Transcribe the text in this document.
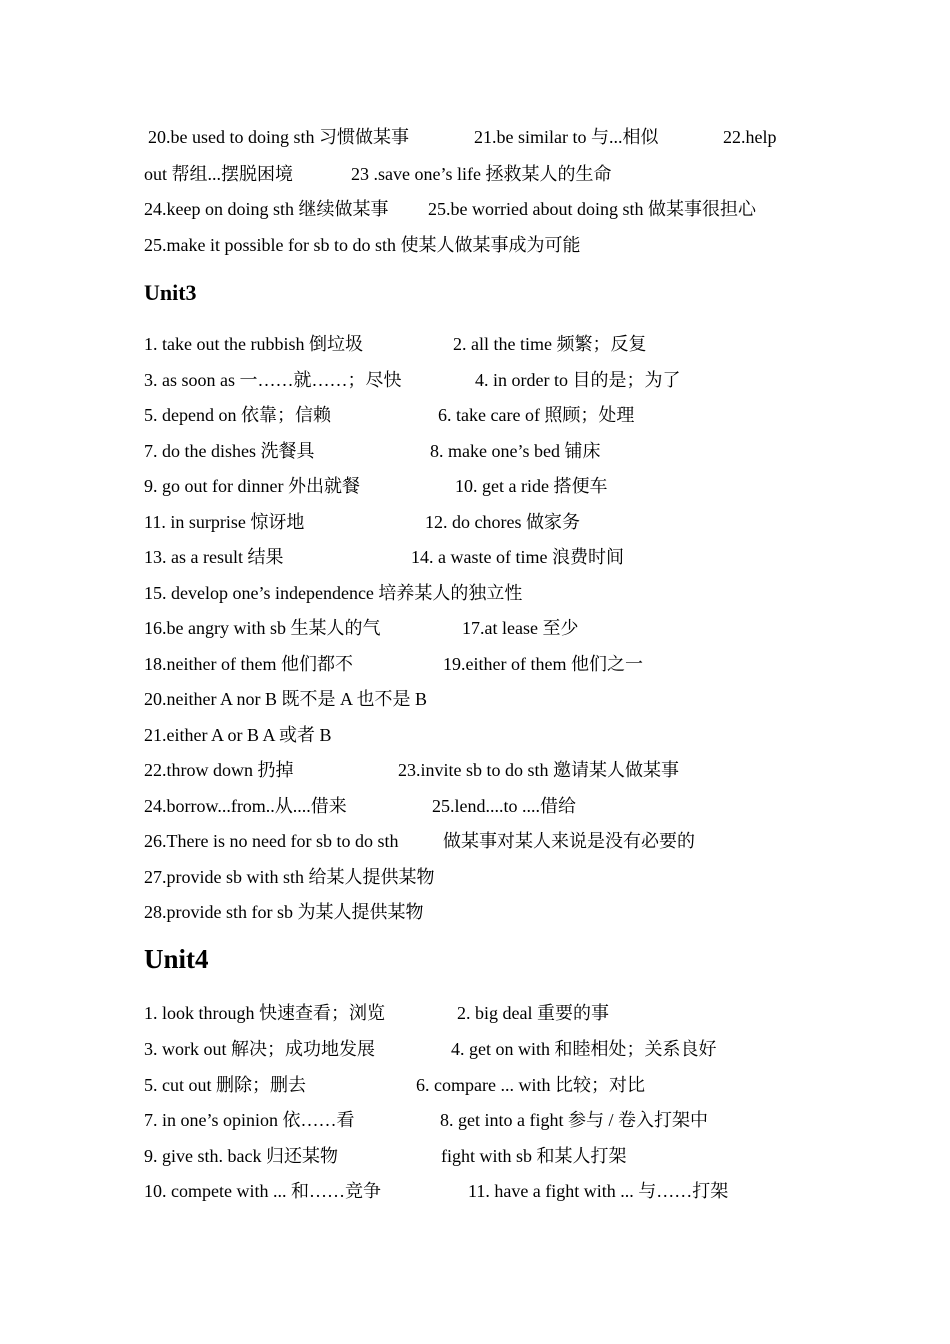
20.be used to doing sth 习惯做某事	21.be similar to 与...相似	22.help
out 帮组...摆脱困境	23 .save one’s life 拯救某人的生命
24.keep on doing sth 继续做某事 25.be worried about doing sth 做某事很担心
25.make it possible for sb to do sth 使某人做某事成为可能
Unit3
1. take out the rubbish 倒垃圾	2. all the time 频繁；反复
3. as soon as 一……就……；尽快	4. in order to 目的是；为了
5. depend on 依靠；信赖	6. take care of 照顾；处理
7. do the dishes 洗餐具	8. make one’s bed 铺床
9. go out for dinner 外出就餐	10. get a ride 搭便车
11. in surprise 惊讶地	12. do chores 做家务
13. as a result 结果	14. a waste of time 浪费时间
15. develop one’s independence 培养某人的独立性
16.be angry with sb 生某人的气	17.at lease 至少
18.neither of them 他们都不	19.either of them 他们之一
20.neither A nor B 既不是 A 也不是 B
21.either A or B A 或者 B
22.throw down 扔掉	23.invite sb to do sth 邀请某人做某事
24.borrow...from..从....借来	25.lend....to ....借给
26.There is no need for sb to do sth 做某事对某人来说是没有必要的
27.provide sb with sth 给某人提供某物
28.provide sth for sb 为某人提供某物
Unit4
1. look through 快速查看；浏览	2. big deal 重要的事
3. work out 解决；成功地发展	4. get on with 和睦相处；关系良好
5. cut out 删除；删去	6. compare ... with 比较；对比
7. in one’s opinion 依……看	8. get into a fight 参与 / 卷入打架中
9. give sth. back 归还某物	fight with sb 和某人打架
10. compete with ... 和……竞争	11. have a fight with ... 与……打架
